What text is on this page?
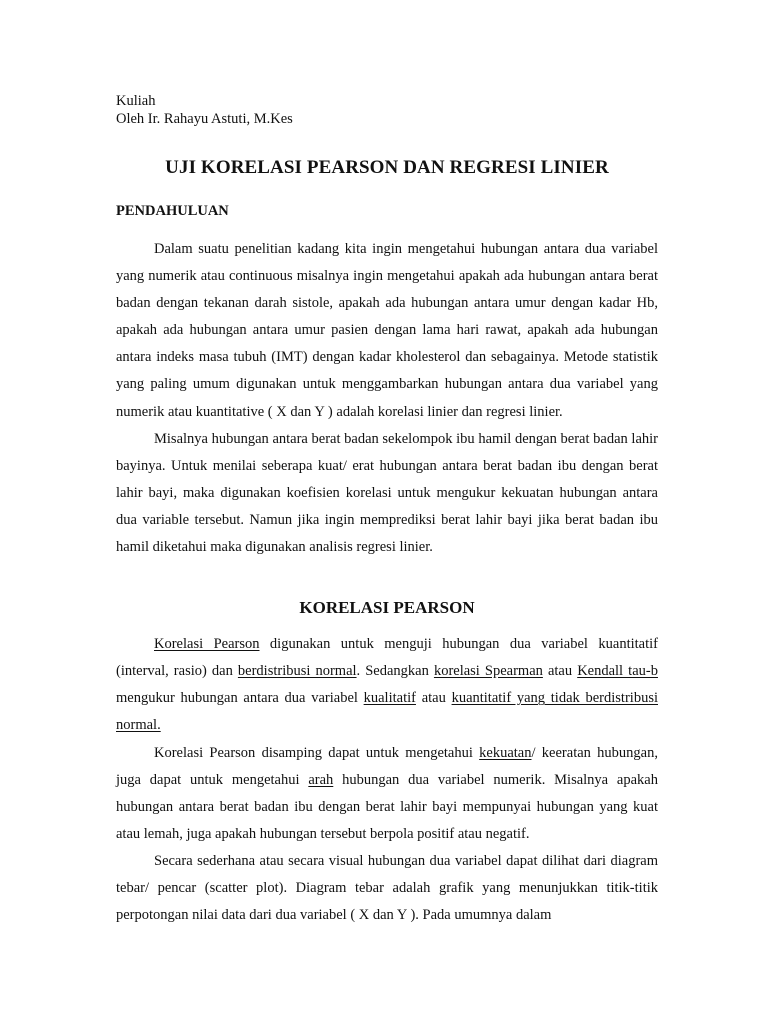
Kuliah

Oleh Ir. Rahayu Astuti, M.Kes

UJI KORELASI PEARSON DAN REGRESI LINIER
PENDAHULUAN

Dalam suatu penelitian kadang kita ingin mengetahui hubungan antara dua variabel yang numerik atau continuous misalnya ingin mengetahui apakah ada hubungan antara berat badan dengan tekanan darah sistole, apakah ada hubungan antara umur dengan kadar Hb, apakah ada hubungan antara umur pasien dengan lama hari rawat, apakah ada hubungan antara indeks masa tubuh (IMT) dengan kadar kholesterol dan sebagainya. Metode statistik yang paling umum digunakan untuk menggambarkan hubungan antara dua variabel yang numerik atau kuantitative ( X dan Y ) adalah korelasi linier dan regresi linier.

Misalnya hubungan antara berat badan sekelompok ibu hamil dengan berat badan lahir bayinya. Untuk menilai seberapa kuat/ erat hubungan antara berat badan ibu dengan berat lahir bayi, maka digunakan koefisien korelasi untuk mengukur kekuatan hubungan antara dua variable tersebut. Namun jika ingin memprediksi berat lahir bayi jika berat badan ibu hamil diketahui maka digunakan analisis regresi linier.

KORELASI PEARSON

Korelasi Pearson digunakan untuk menguji hubungan dua variabel kuantitatif (interval, rasio) dan berdistribusi normal. Sedangkan korelasi Spearman atau Kendall tau-b mengukur hubungan antara dua variabel kualitatif atau kuantitatif yang tidak berdistribusi normal.

Korelasi Pearson disamping dapat untuk mengetahui kekuatan/ keeratan hubungan, juga dapat untuk mengetahui arah hubungan dua variabel numerik. Misalnya apakah hubungan antara berat badan ibu dengan berat lahir bayi mempunyai hubungan yang kuat atau lemah, juga apakah hubungan tersebut berpola positif atau negatif.

Secara sederhana atau secara visual hubungan dua variabel dapat dilihat dari diagram tebar/ pencar (scatter plot). Diagram tebar adalah grafik yang menunjukkan titik-titik perpotongan nilai data dari dua variabel ( X dan Y ). Pada umumnya dalam
